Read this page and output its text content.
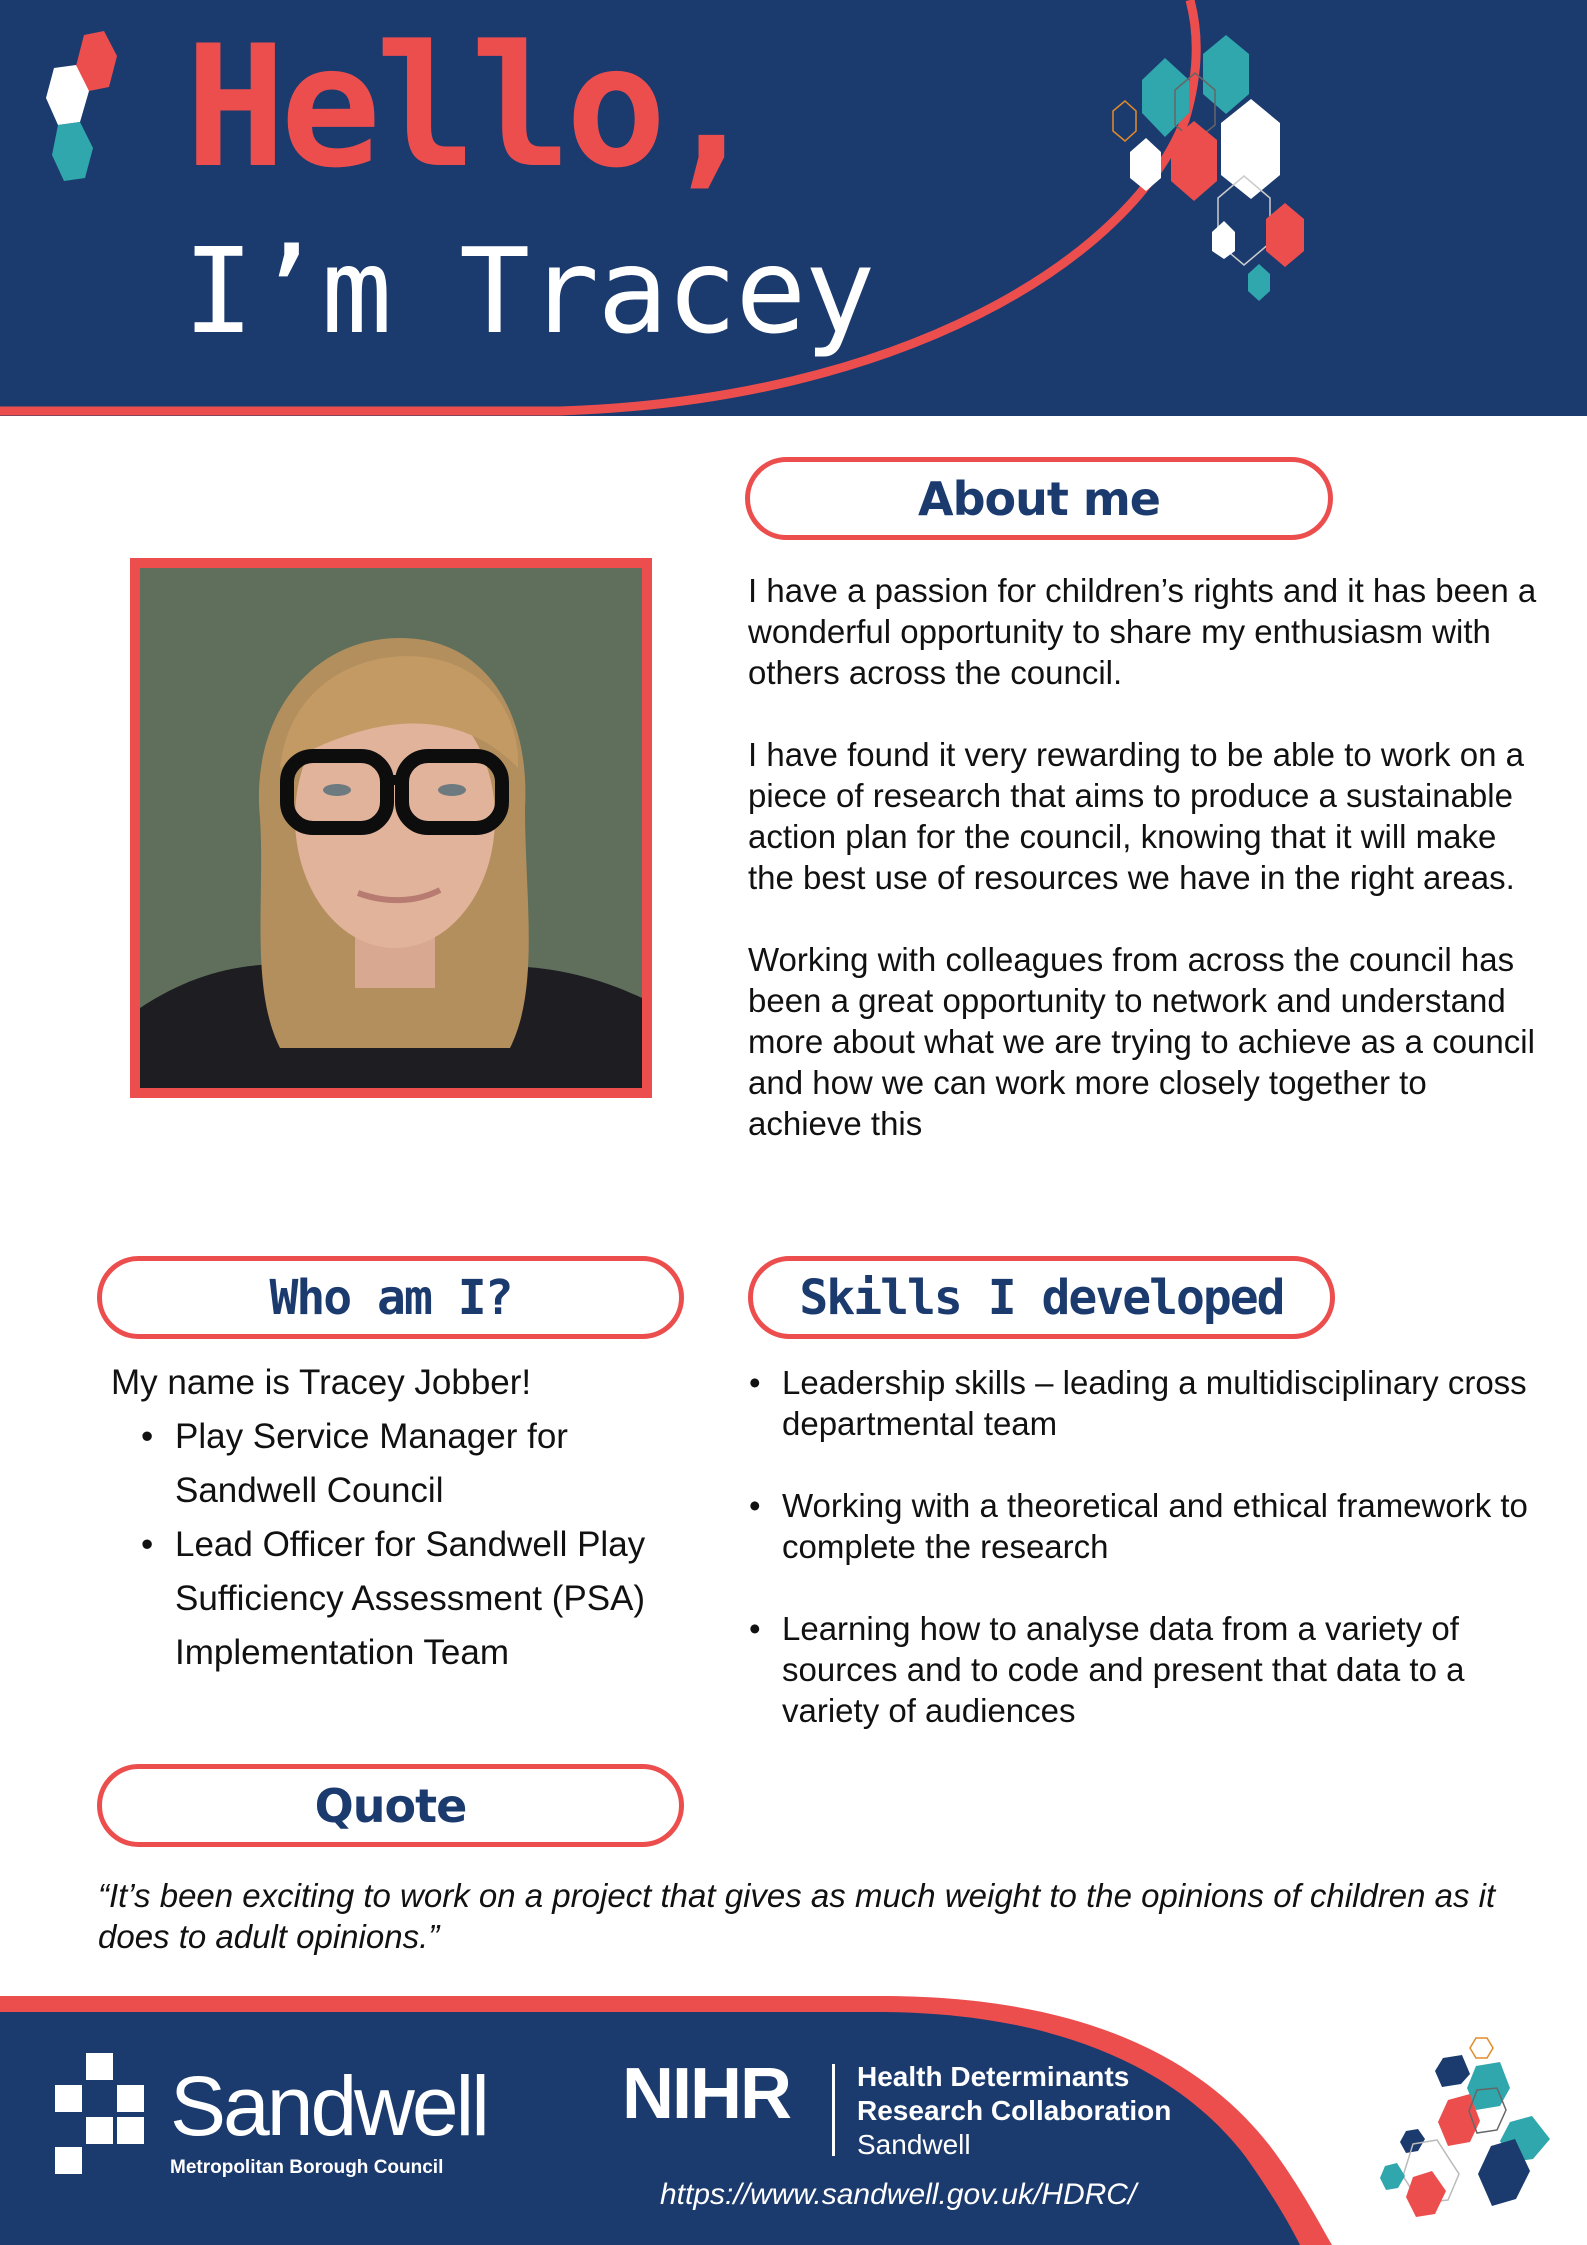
Hello,
I’m Tracey
About me

I have a passion for children’s rights and it has been a wonderful opportunity to share my enthusiasm with others across the council.

I have found it very rewarding to be able to work on a piece of research that aims to produce a sustainable action plan for the council, knowing that it will make the best use of resources we have in the right areas.

Working with colleagues from across the council has been a great opportunity to network and understand more about what we are trying to achieve as a council and how we can work more closely together to achieve this

Who am I?
My name is Tracey Jobber!
• Play Service Manager for Sandwell Council
• Lead Officer for Sandwell Play Sufficiency Assessment (PSA) Implementation Team
Skills I developed
• Leadership skills – leading a multidisciplinary cross departmental team
• Working with a theoretical and ethical framework to complete the research
• Learning how to analyse data from a variety of sources and to code and present that data to a variety of audiences
Quote
“It’s been exciting to work on a project that gives as much weight to the opinions of children as it does to adult opinions.”
Sandwell
Metropolitan Borough Council
NIHR Health Determinants
Research Collaboration
Sandwell
https://www.sandwell.gov.uk/HDRC/
